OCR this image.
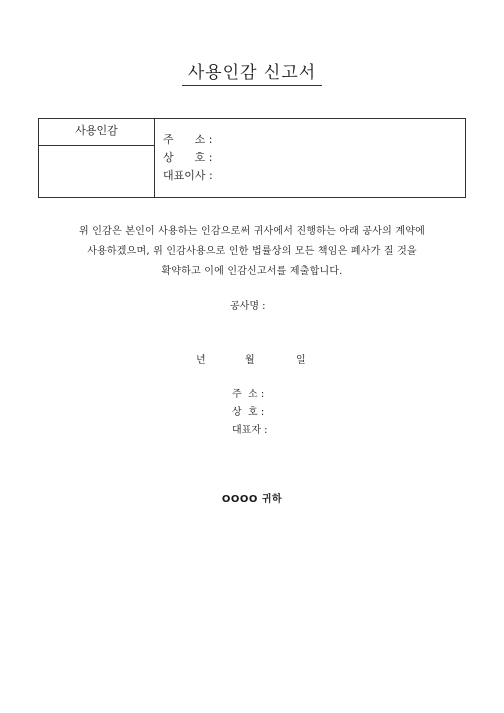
사용인감 신고서
사용인감
주      소 :
상      호 :
대표이사 :
위 인감은 본인이 사용하는 인감으로써 귀사에서 진행하는 아래 공사의 계약에
사용하겠으며, 위 인감사용으로 인한 법률상의 모든 책임은 폐사가 질 것을
확약하고 이에 인감신고서를 제출합니다.
공사명 :
년	월	일
주  소 :
상  호 :
대표자 :
OOOO 귀하
